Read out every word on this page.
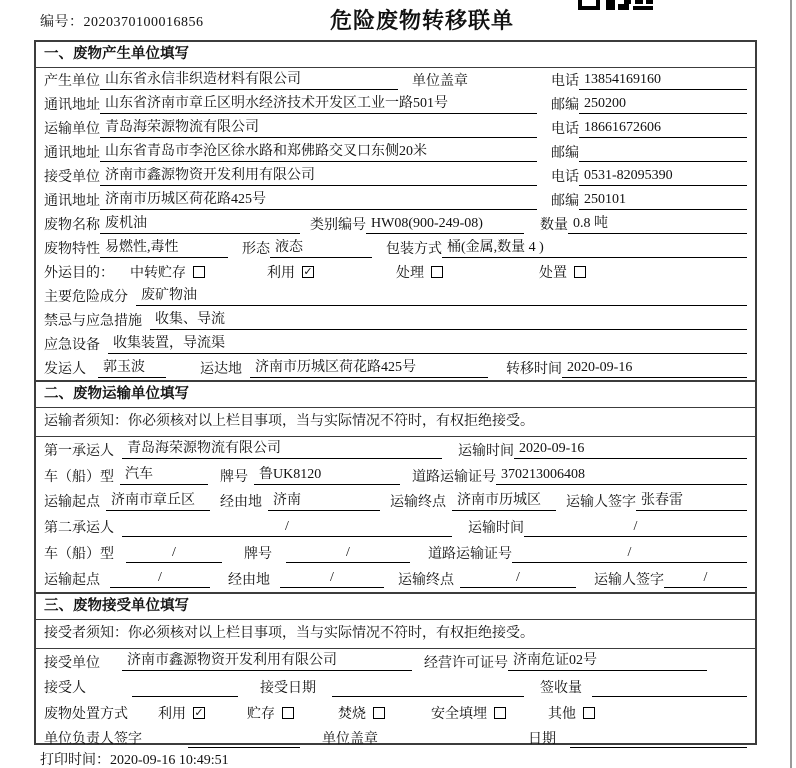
编号：2020370100016856	危险废物转移联单
一、废物产生单位填写
产生单位 山东省永信非织造材料有限公司	单位盖章	电话 13854169160
通讯地址 山东省济南市章丘区明水经济技术开发区工业一路501号	邮编 250200
运输单位 青岛海荣源物流有限公司	电话 18661672606
通讯地址 山东省青岛市李沧区徐水路和郑佛路交叉口东侧20米	邮编
接受单位 济南市鑫源物资开发利用有限公司	电话 0531-82095390
通讯地址 济南市历城区荷花路425号	邮编 250101
废物名称 废机油	类别编号 HW08(900-249-08)	数量 0.8 吨
废物特性 易燃性,毒性	形态 液态	包装方式 桶(金属,数量 4 )
外运目的： 中转贮存	利用 ✓	处理	处置
主要危险成分 废矿物油
禁忌与应急措施 收集、导流
应急设备 收集装置，导流渠
发运人	郭玉波	运达地 济南市历城区荷花路425号	转移时间 2020-09-16
二、废物运输单位填写
运输者须知：你必须核对以上栏目事项，当与实际情况不符时，有权拒绝接受。
第一承运人 青岛海荣源物流有限公司	运输时间 2020-09-16
车（船）型 汽车	牌号 鲁UK8120	道路运输证号 370213006408
运输起点 济南市章丘区	经由地 济南	运输终点 济南市历城区	运输人签字 张春雷
第二承运人	/	运输时间	/
车（船）型	/	牌号	/	道路运输证号	/
运输起点	/	经由地	/	运输终点	/	运输人签字	/
三、废物接受单位填写
接受者须知：你必须核对以上栏目事项，当与实际情况不符时，有权拒绝接受。
接受单位	济南市鑫源物资开发利用有限公司	经营许可证号 济南危证02号
接受人	接受日期	签收量
废物处置方式 利用 ✓	贮存	焚烧	安全填埋	其他
单位负责人签字	单位盖章	日期
打印时间：2020-09-16 10:49:51
